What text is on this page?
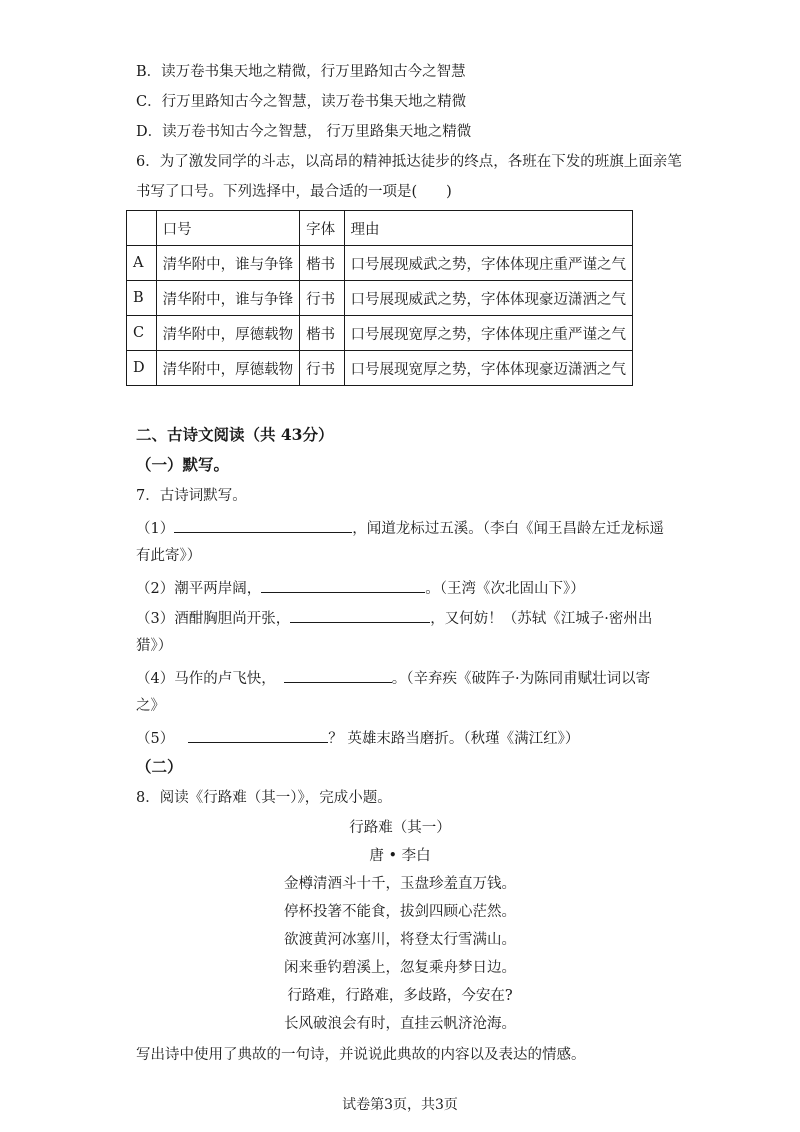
B．读万卷书集天地之精微，行万里路知古今之智慧
C．行万里路知古今之智慧，读万卷书集天地之精微
D．读万卷书知古今之智慧， 行万里路集天地之精微
6．为了激发同学的斗志，以高昂的精神抵达徒步的终点，各班在下发的班旗上面亲笔
书写了口号。下列选择中，最合适的一项是(　　)
	口号	字体	理由
A	清华附中，谁与争锋	楷书	口号展现威武之势，字体体现庄重严谨之气
B	清华附中，谁与争锋	行书	口号展现威武之势，字体体现豪迈潇洒之气
C	清华附中，厚德载物	楷书	口号展现宽厚之势，字体体现庄重严谨之气
D	清华附中，厚德载物	行书	口号展现宽厚之势，字体体现豪迈潇洒之气
二、古诗文阅读（共 43分）
（一）默写。
7．古诗词默写。
（1）	，闻道龙标过五溪。（李白《闻王昌龄左迁龙标遥
有此寄》）
（2）潮平两岸阔，	。（王湾《次北固山下》）
（3）酒酣胸胆尚开张，	，又何妨！（苏轼《江城子·密州出
猎》）
（4）马作的卢飞快，	。（辛弃疾《破阵子·为陈同甫赋壮词以寄
之》
（5）	？ 英雄末路当磨折。（秋瑾《满江红》）
（二）
8．阅读《行路难（其一）》，完成小题。
行路难（其一）
唐 • 李白
金樽清酒斗十千，玉盘珍羞直万钱。
停杯投箸不能食，拔剑四顾心茫然。
欲渡黄河冰塞川，将登太行雪满山。
闲来垂钓碧溪上，忽复乘舟梦日边。
行路难，行路难，多歧路，今安在?
长风破浪会有时，直挂云帆济沧海。
写出诗中使用了典故的一句诗，并说说此典故的内容以及表达的情感。
试卷第3页，共3页
